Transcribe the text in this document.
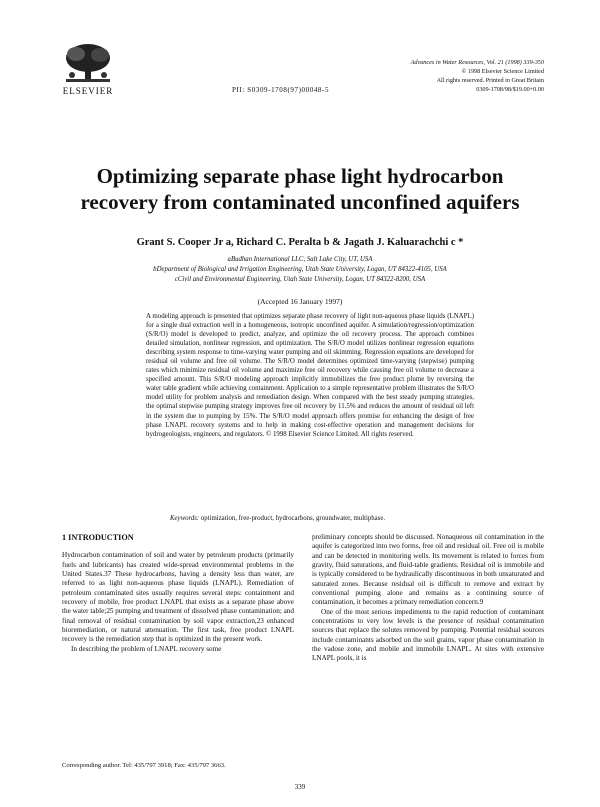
ELSEVIER	PII: S0309-1708(97)00048-5
Advances in Water Resources, Vol. 21 (1998) 339-350
© 1998 Elsevier Science Limited
All rights reserved. Printed in Great Britain
0309-1708/98/$19.00+0.00
Optimizing separate phase light hydrocarbon
recovery from contaminated unconfined aquifers
Grant S. Cooper Jr a, Richard C. Peralta b & Jagath J. Kaluarachchi c *
aBudhan International LLC, Salt Lake City, UT, USA
bDepartment of Biological and Irrigation Engineering, Utah State University, Logan, UT 84322-4105, USA
cCivil and Environmental Engineering, Utah State University, Logan, UT 84322-8200, USA
(Accepted 16 January 1997)
A modeling approach is presented that optimizes separate phase recovery of light non-aqueous phase liquids (LNAPL) for a single dual extraction well in a homogeneous, isotropic unconfined aquifer. A simulation/regression/optimization (S/R/O) model is developed to predict, analyze, and optimize the oil recovery process. The approach combines detailed simulation, nonlinear regression, and optimization. The S/R/O model utilizes nonlinear regression equations describing system response to time-varying water pumping and oil skimming. Regression equations are developed for residual oil volume and free oil volume. The S/R/O model determines optimized time-varying (stepwise) pumping rates which minimize residual oil volume and maximize free oil recovery while causing free oil volume to decrease a specified amount. This S/R/O modeling approach implicitly immobilizes the free product plume by reversing the water table gradient while achieving containment. Application to a simple representative problem illustrates the S/R/O model utility for problem analysis and remediation design. When compared with the best steady pumping strategies, the optimal stepwise pumping strategy improves free oil recovery by 11.5% and reduces the amount of residual oil left in the system due to pumping by 15%. The S/R/O model approach offers promise for enhancing the design of free phase LNAPL recovery systems and to help in making cost-effective operation and management decisions for hydrogeologists, engineers, and regulators. © 1998 Elsevier Science Limited. All rights reserved.
Keywords: optimization, free-product, hydrocarbons, groundwater, multiphase.
1 INTRODUCTION

Hydrocarbon contamination of soil and water by petroleum products (primarily fuels and lubricants) has created wide-spread environmental problems in the United States.37 These hydrocarbons, having a density less than water, are referred to as light non-aqueous phase liquids (LNAPL). Remediation of petroleum contaminated sites usually requires several steps: containment and recovery of mobile, free product LNAPL that exists as a separate phase above the water table;25 pumping and treatment of dissolved phase contamination; and final removal of residual contamination by soil vapor extraction,23 enhanced bioremediation, or natural attenuation. The first task, free product LNAPL recovery is the remediation step that is optimized in the present work.

In describing the problem of LNAPL recovery some

preliminary concepts should be discussed. Nonaqueous oil contamination in the aquifer is categorized into two forms, free oil and residual oil. Free oil is mobile and can be detected in monitoring wells. Its movement is related to forces from gravity, fluid saturations, and fluid-table gradients. Residual oil is immobile and is typically considered to be hydraulically discontinuous in both unsaturated and saturated zones. Because residual oil is difficult to remove and extract by conventional pumping alone and remains as a continuing source of contamination, it becomes a primary remediation concern.9

One of the most serious impediments to the rapid reduction of contaminant concentrations to very low levels is the presence of residual contamination sources that replace the solutes removed by pumping. Potential residual sources include contaminants adsorbed on the soil grains, vapor phase contamination in the vadose zone, and mobile and immobile LNAPL. At sites with extensive LNAPL pools, it is

Corresponding author. Tel: 435/797 3918; Fax: 435/797 3663.
339
